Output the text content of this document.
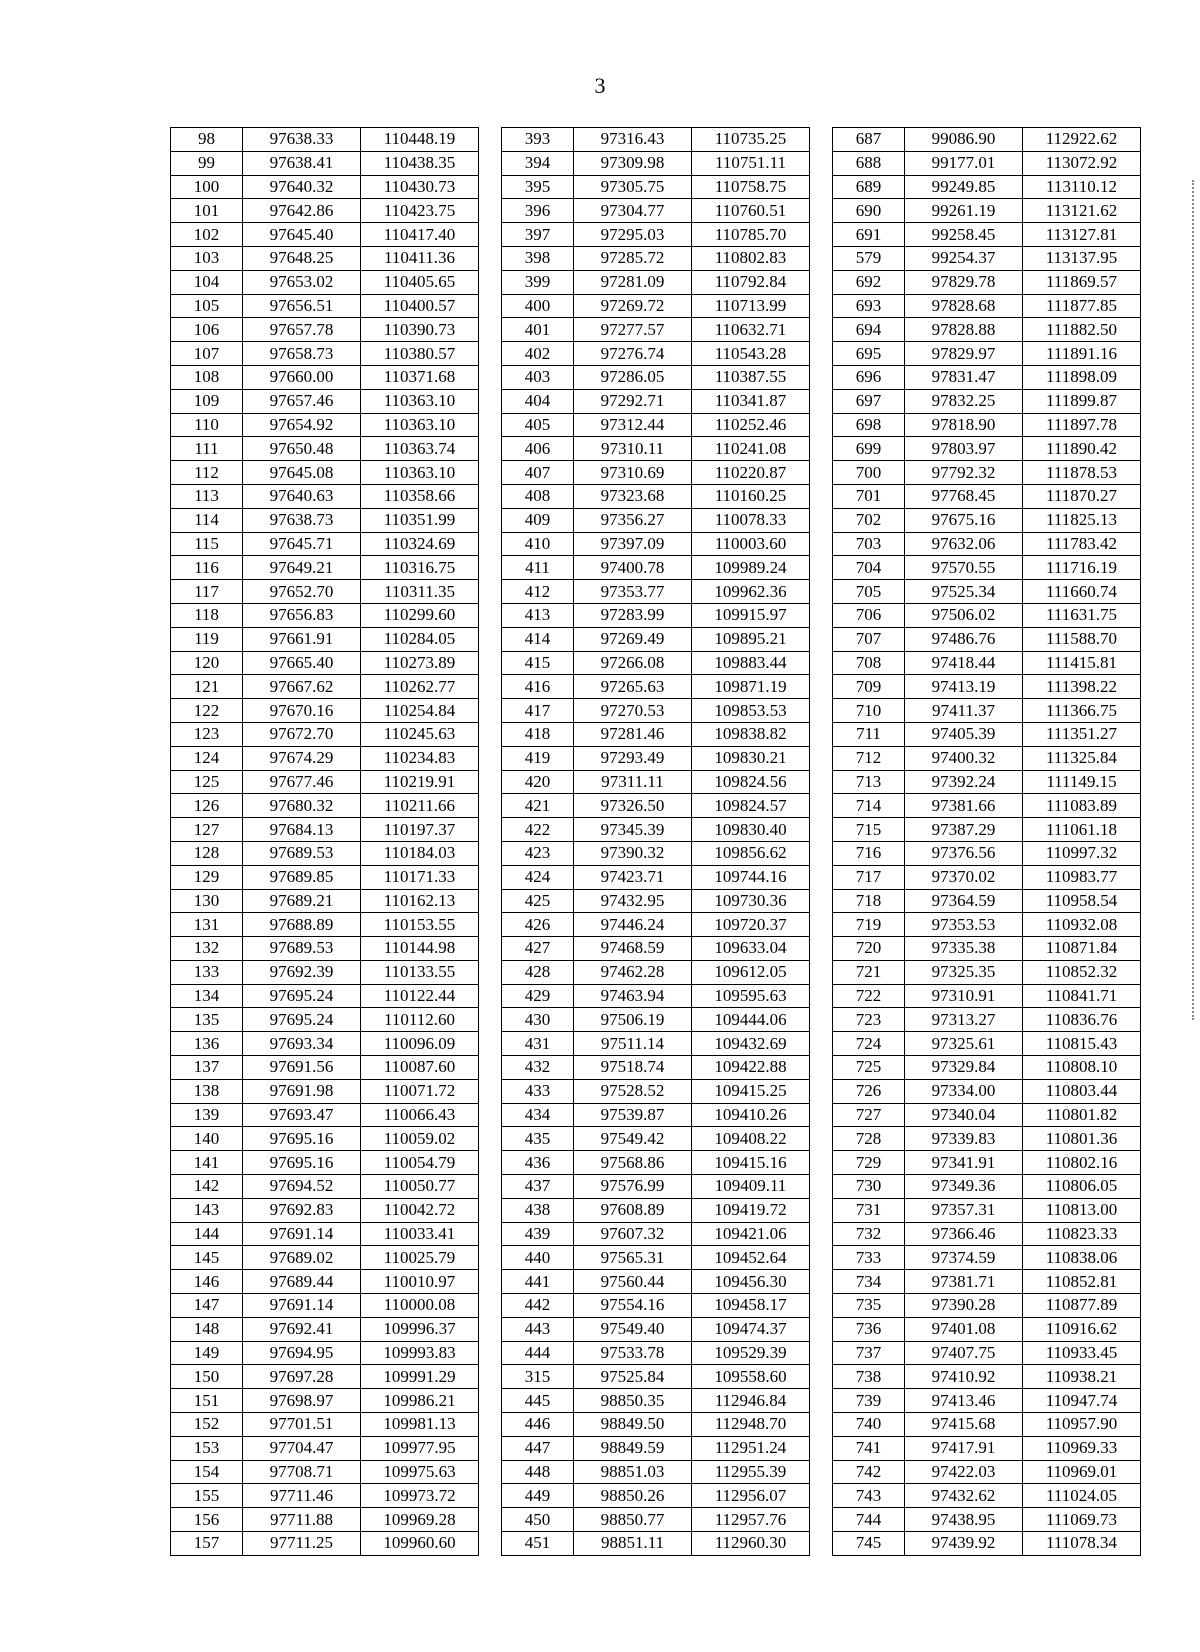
3
98	97638.33	110448.19		393	97316.43	110735.25		687	99086.90	112922.62
99	97638.41	110438.35		394	97309.98	110751.11		688	99177.01	113072.92
100	97640.32	110430.73		395	97305.75	110758.75		689	99249.85	113110.12
101	97642.86	110423.75		396	97304.77	110760.51		690	99261.19	113121.62
102	97645.40	110417.40		397	97295.03	110785.70		691	99258.45	113127.81
103	97648.25	110411.36		398	97285.72	110802.83		579	99254.37	113137.95
104	97653.02	110405.65		399	97281.09	110792.84		692	97829.78	111869.57
105	97656.51	110400.57		400	97269.72	110713.99		693	97828.68	111877.85
106	97657.78	110390.73		401	97277.57	110632.71		694	97828.88	111882.50
107	97658.73	110380.57		402	97276.74	110543.28		695	97829.97	111891.16
108	97660.00	110371.68		403	97286.05	110387.55		696	97831.47	111898.09
109	97657.46	110363.10		404	97292.71	110341.87		697	97832.25	111899.87
110	97654.92	110363.10		405	97312.44	110252.46		698	97818.90	111897.78
111	97650.48	110363.74		406	97310.11	110241.08		699	97803.97	111890.42
112	97645.08	110363.10		407	97310.69	110220.87		700	97792.32	111878.53
113	97640.63	110358.66		408	97323.68	110160.25		701	97768.45	111870.27
114	97638.73	110351.99		409	97356.27	110078.33		702	97675.16	111825.13
115	97645.71	110324.69		410	97397.09	110003.60		703	97632.06	111783.42
116	97649.21	110316.75		411	97400.78	109989.24		704	97570.55	111716.19
117	97652.70	110311.35		412	97353.77	109962.36		705	97525.34	111660.74
118	97656.83	110299.60		413	97283.99	109915.97		706	97506.02	111631.75
119	97661.91	110284.05		414	97269.49	109895.21		707	97486.76	111588.70
120	97665.40	110273.89		415	97266.08	109883.44		708	97418.44	111415.81
121	97667.62	110262.77		416	97265.63	109871.19		709	97413.19	111398.22
122	97670.16	110254.84		417	97270.53	109853.53		710	97411.37	111366.75
123	97672.70	110245.63		418	97281.46	109838.82		711	97405.39	111351.27
124	97674.29	110234.83		419	97293.49	109830.21		712	97400.32	111325.84
125	97677.46	110219.91		420	97311.11	109824.56		713	97392.24	111149.15
126	97680.32	110211.66		421	97326.50	109824.57		714	97381.66	111083.89
127	97684.13	110197.37		422	97345.39	109830.40		715	97387.29	111061.18
128	97689.53	110184.03		423	97390.32	109856.62		716	97376.56	110997.32
129	97689.85	110171.33		424	97423.71	109744.16		717	97370.02	110983.77
130	97689.21	110162.13		425	97432.95	109730.36		718	97364.59	110958.54
131	97688.89	110153.55		426	97446.24	109720.37		719	97353.53	110932.08
132	97689.53	110144.98		427	97468.59	109633.04		720	97335.38	110871.84
133	97692.39	110133.55		428	97462.28	109612.05		721	97325.35	110852.32
134	97695.24	110122.44		429	97463.94	109595.63		722	97310.91	110841.71
135	97695.24	110112.60		430	97506.19	109444.06		723	97313.27	110836.76
136	97693.34	110096.09		431	97511.14	109432.69		724	97325.61	110815.43
137	97691.56	110087.60		432	97518.74	109422.88		725	97329.84	110808.10
138	97691.98	110071.72		433	97528.52	109415.25		726	97334.00	110803.44
139	97693.47	110066.43		434	97539.87	109410.26		727	97340.04	110801.82
140	97695.16	110059.02		435	97549.42	109408.22		728	97339.83	110801.36
141	97695.16	110054.79		436	97568.86	109415.16		729	97341.91	110802.16
142	97694.52	110050.77		437	97576.99	109409.11		730	97349.36	110806.05
143	97692.83	110042.72		438	97608.89	109419.72		731	97357.31	110813.00
144	97691.14	110033.41		439	97607.32	109421.06		732	97366.46	110823.33
145	97689.02	110025.79		440	97565.31	109452.64		733	97374.59	110838.06
146	97689.44	110010.97		441	97560.44	109456.30		734	97381.71	110852.81
147	97691.14	110000.08		442	97554.16	109458.17		735	97390.28	110877.89
148	97692.41	109996.37		443	97549.40	109474.37		736	97401.08	110916.62
149	97694.95	109993.83		444	97533.78	109529.39		737	97407.75	110933.45
150	97697.28	109991.29		315	97525.84	109558.60		738	97410.92	110938.21
151	97698.97	109986.21		445	98850.35	112946.84		739	97413.46	110947.74
152	97701.51	109981.13		446	98849.50	112948.70		740	97415.68	110957.90
153	97704.47	109977.95		447	98849.59	112951.24		741	97417.91	110969.33
154	97708.71	109975.63		448	98851.03	112955.39		742	97422.03	110969.01
155	97711.46	109973.72		449	98850.26	112956.07		743	97432.62	111024.05
156	97711.88	109969.28		450	98850.77	112957.76		744	97438.95	111069.73
157	97711.25	109960.60		451	98851.11	112960.30		745	97439.92	111078.34
